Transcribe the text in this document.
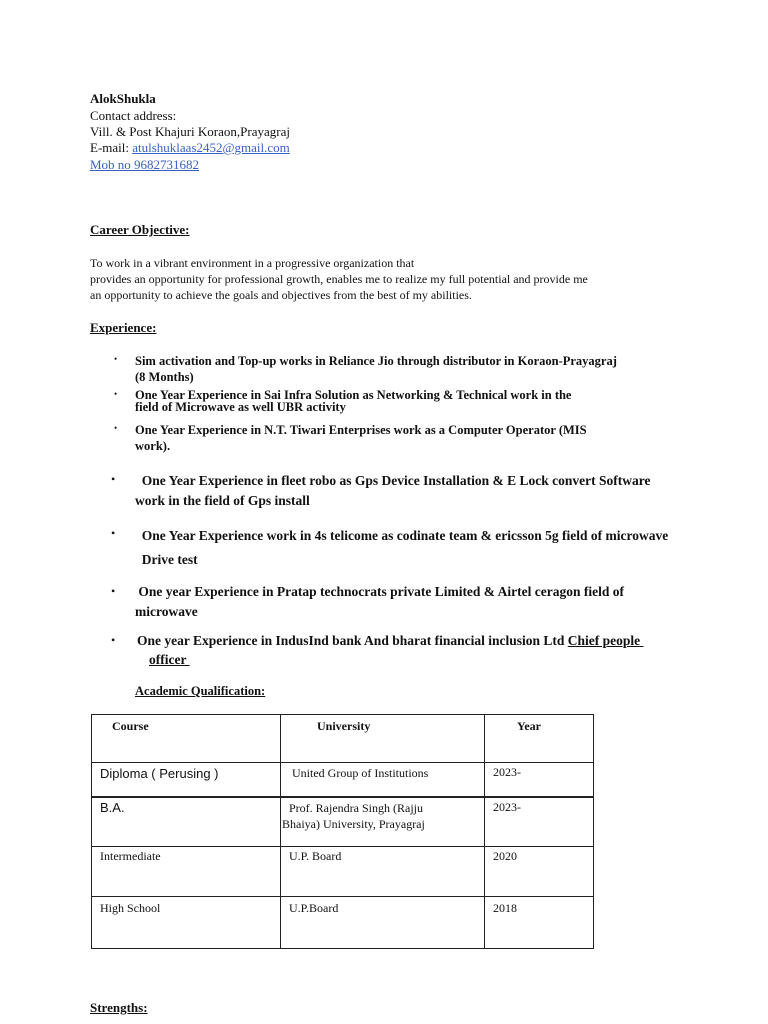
AlokShukla
Contact address:
Vill. & Post Khajuri Koraon,Prayagraj
E-mail: atulshuklaas2452@gmail.com
Mob no 9682731682
Career Objective:
To work in a vibrant environment in a progressive organization that
provides an opportunity for professional growth, enables me to realize my full potential and provide me
an opportunity to achieve the goals and objectives from the best of my abilities.
Experience:
• Sim activation and Top-up works in Reliance Jio through distributor in Koraon-Prayagraj
(8 Months)
• One Year Experience in Sai Infra Solution as Networking & Technical work in the
field of Microwave as well UBR activity
• One Year Experience in N.T. Tiwari Enterprises work as a Computer Operator (MIS
work).
• One Year Experience in fleet robo as Gps Device Installation & E Lock convert Software
work in the field of Gps install
• One Year Experience work in 4s telicome as codinate team & ericsson 5g field of microwave
Drive test
• One year Experience in Pratap technocrats private Limited & Airtel ceragon field of
microwave
• One year Experience in IndusInd bank And bharat financial inclusion Ltd Chief people
officer
Academic Qualification:
Course	University	Year

Diploma ( Perusing )	United Group of Institutions	2023-

B.A.	Prof. Rajendra Singh (Rajju
Bhaiya) University, Prayagraj	2023-

Intermediate	U.P. Board	2020

High School	U.P.Board	2018
Strengths:
